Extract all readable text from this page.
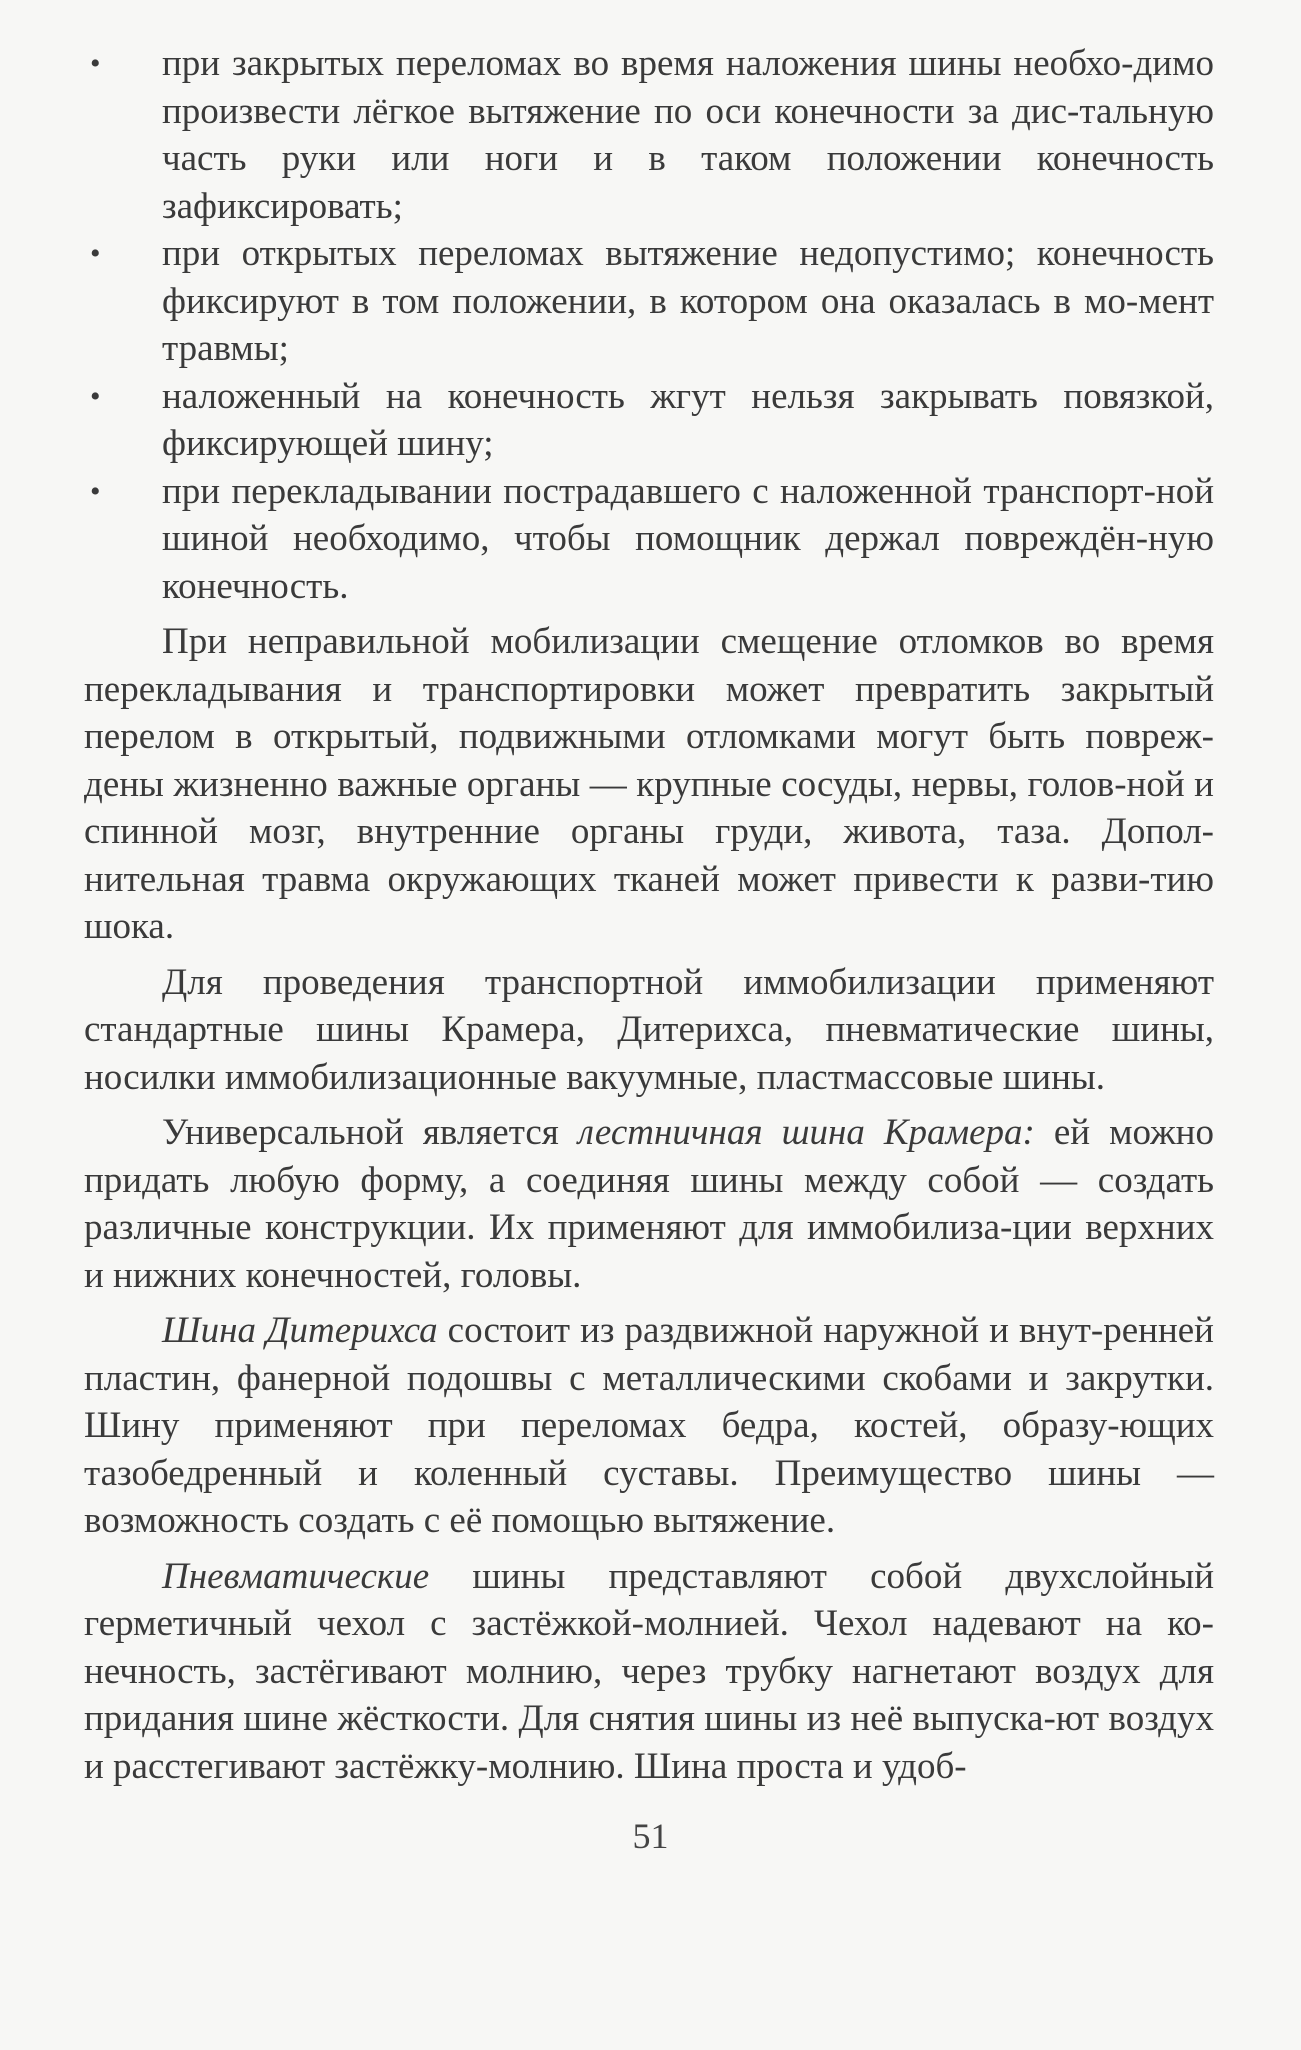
• при закрытых переломах во время наложения шины необхо-димо произвести лёгкое вытяжение по оси конечности за дис-тальную часть руки или ноги и в таком положении конечность зафиксировать;
• при открытых переломах вытяжение недопустимо; конечность фиксируют в том положении, в котором она оказалась в мо-мент травмы;
• наложенный на конечность жгут нельзя закрывать повязкой, фиксирующей шину;
• при перекладывании пострадавшего с наложенной транспорт-ной шиной необходимо, чтобы помощник держал повреждён-ную конечность.

При неправильной мобилизации смещение отломков во время перекладывания и транспортировки может превратить закрытый перелом в открытый, подвижными отломками могут быть повреж-дены жизненно важные органы — крупные сосуды, нервы, голов-ной и спинной мозг, внутренние органы груди, живота, таза. Допол-нительная травма окружающих тканей может привести к разви-тию шока.

Для проведения транспортной иммобилизации применяют стандартные шины Крамера, Дитерихса, пневматические шины, носилки иммобилизационные вакуумные, пластмассовые шины.

Универсальной является лестничная шина Крамера: ей можно придать любую форму, а соединяя шины между собой — создать различные конструкции. Их применяют для иммобилиза-ции верхних и нижних конечностей, головы.

Шина Дитерихса состоит из раздвижной наружной и внут-ренней пластин, фанерной подошвы с металлическими скобами и закрутки. Шину применяют при переломах бедра, костей, образу-ющих тазобедренный и коленный суставы. Преимущество шины — возможность создать с её помощью вытяжение.

Пневматические шины представляют собой двухслойный герметичный чехол с застёжкой-молнией. Чехол надевают на ко-нечность, застёгивают молнию, через трубку нагнетают воздух для придания шине жёсткости. Для снятия шины из неё выпуска-ют воздух и расстегивают застёжку-молнию. Шина проста и удоб-

51
